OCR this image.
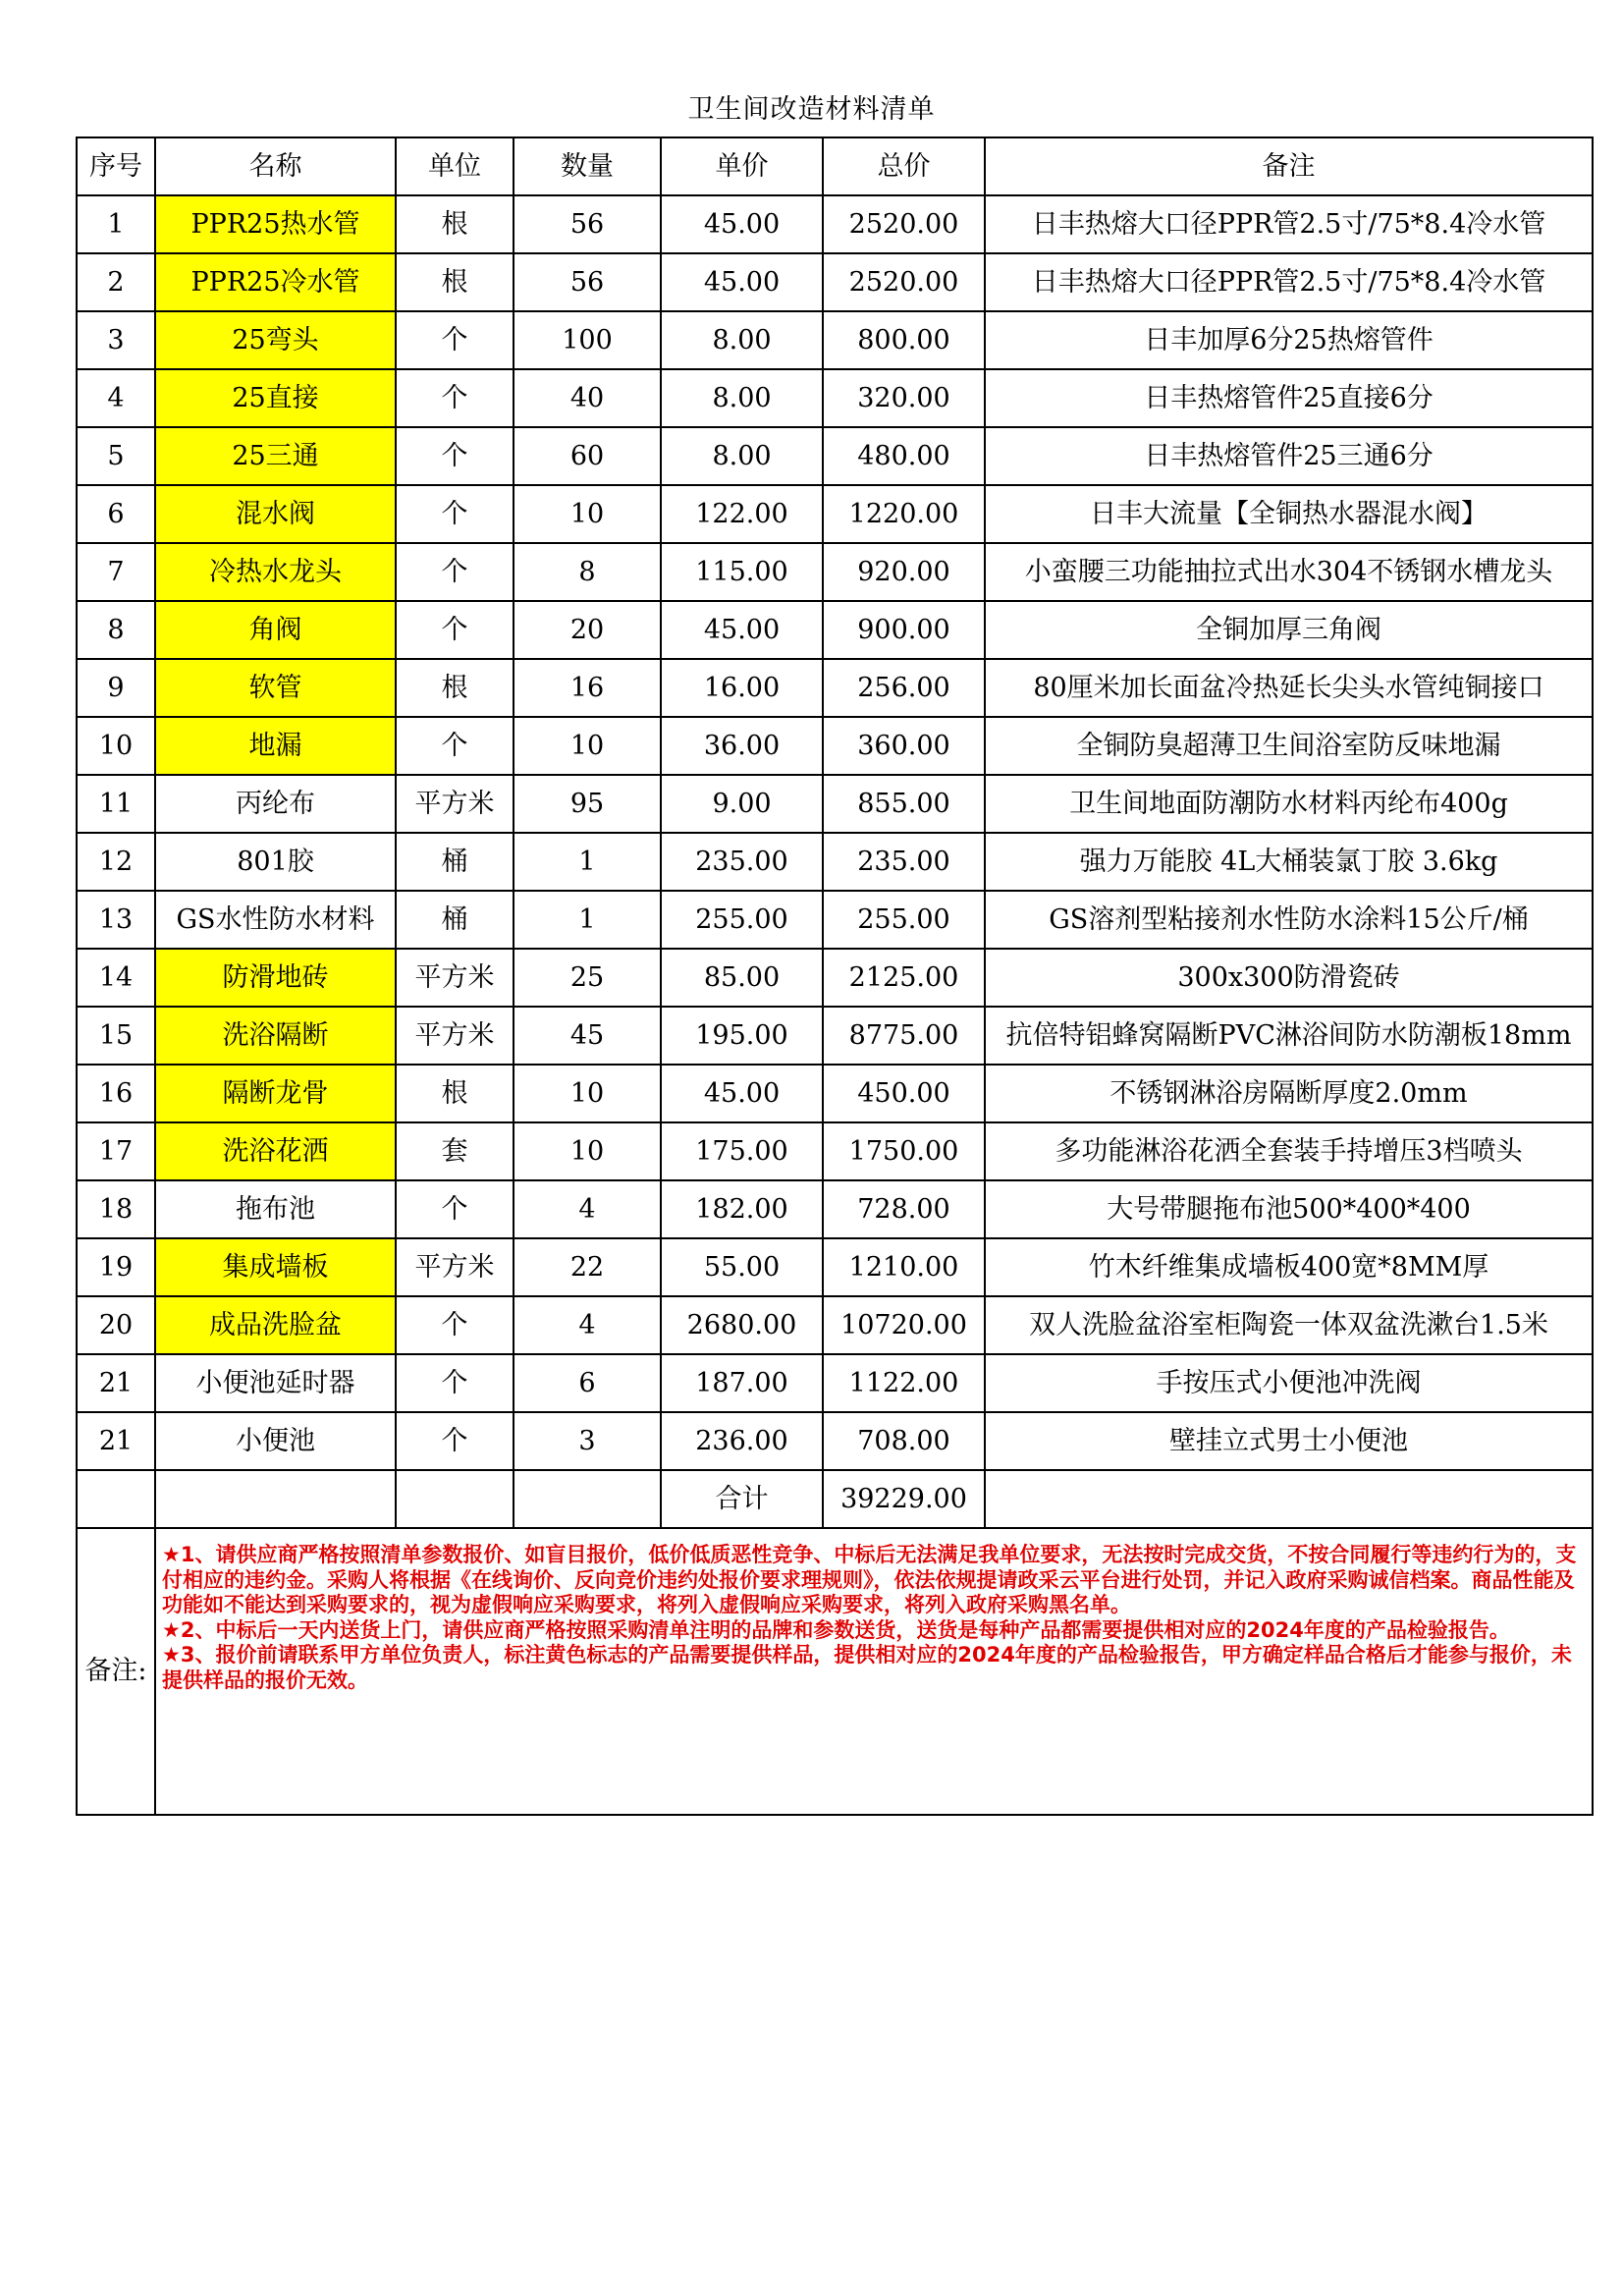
卫生间改造材料清单
序号	名称	单位	数量	单价	总价	备注
1	PPR25热水管	根	56	45.00	2520.00	日丰热熔大口径PPR管2.5寸/75*8.4冷水管
2	PPR25冷水管	根	56	45.00	2520.00	日丰热熔大口径PPR管2.5寸/75*8.4冷水管
3	25弯头	个	100	8.00	800.00	日丰加厚6分25热熔管件
4	25直接	个	40	8.00	320.00	日丰热熔管件25直接6分
5	25三通	个	60	8.00	480.00	日丰热熔管件25三通6分
6	混水阀	个	10	122.00	1220.00	日丰大流量【全铜热水器混水阀】
7	冷热水龙头	个	8	115.00	920.00	小蛮腰三功能抽拉式出水304不锈钢水槽龙头
8	角阀	个	20	45.00	900.00	全铜加厚三角阀
9	软管	根	16	16.00	256.00	80厘米加长面盆冷热延长尖头水管纯铜接口
10	地漏	个	10	36.00	360.00	全铜防臭超薄卫生间浴室防反味地漏
11	丙纶布	平方米	95	9.00	855.00	卫生间地面防潮防水材料丙纶布400g
12	801胶	桶	1	235.00	235.00	强力万能胶 4L大桶装氯丁胶 3.6kg
13	GS水性防水材料	桶	1	255.00	255.00	GS溶剂型粘接剂水性防水涂料15公斤/桶
14	防滑地砖	平方米	25	85.00	2125.00	300x300防滑瓷砖
15	洗浴隔断	平方米	45	195.00	8775.00	抗倍特铝蜂窝隔断PVC淋浴间防水防潮板18mm
16	隔断龙骨	根	10	45.00	450.00	不锈钢淋浴房隔断厚度2.0mm
17	洗浴花洒	套	10	175.00	1750.00	多功能淋浴花洒全套装手持增压3档喷头
18	拖布池	个	4	182.00	728.00	大号带腿拖布池500*400*400
19	集成墙板	平方米	22	55.00	1210.00	竹木纤维集成墙板400宽*8MM厚
20	成品洗脸盆	个	4	2680.00	10720.00	双人洗脸盆浴室柜陶瓷一体双盆洗漱台1.5米
21	小便池延时器	个	6	187.00	1122.00	手按压式小便池冲洗阀
21	小便池	个	3	236.00	708.00	壁挂立式男士小便池
				合计	39229.00	
备注:	★1、请供应商严格按照清单参数报价、如盲目报价，低价低质恶性竞争、中标后无法满足我单位要求，无法按时完成交货，不按合同履行等违约行为的，支付相应的违约金。采购人将根据《在线询价、反向竞价违约处报价要求理规则》，依法依规提请政采云平台进行处罚，并记入政府采购诚信档案。商品性能及功能如不能达到采购要求的，视为虚假响应采购要求，将列入虚假响应采购要求，将列入政府采购黑名单。
★2、中标后一天内送货上门，请供应商严格按照采购清单注明的品牌和参数送货，送货是每种产品都需要提供相对应的2024年度的产品检验报告。
★3、报价前请联系甲方单位负责人，标注黄色标志的产品需要提供样品，提供相对应的2024年度的产品检验报告，甲方确定样品合格后才能参与报价，未提供样品的报价无效。					
